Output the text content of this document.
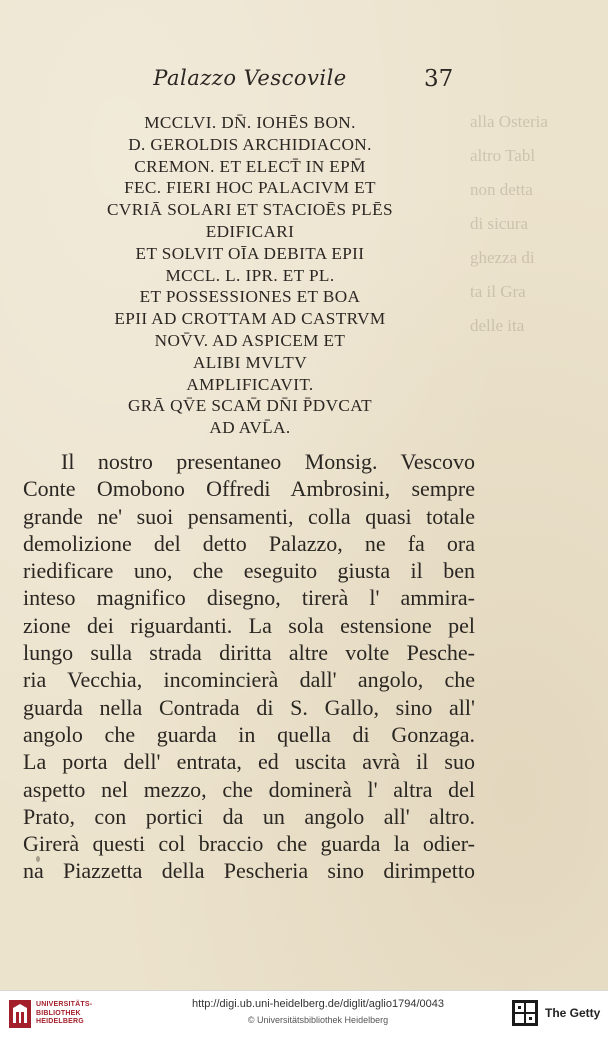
alla Osteria
altro Tabl
non detta
di sicura
ghezza di
ta il Gra
delle ita
Palazzo Vescovile	37
MCCLVI. DN̄. IOHĒS BON.
D. GEROLDIS ARCHIDIACON.
CREMON. ET ELECT̄ IN EPM̄
FEC. FIERI HOC PALACIVM ET
CVRIĀ SOLARI ET STACIOĒS PLĒS
EDIFICARI
ET SOLVIT OĪA DEBITA EPII
MCCL. L. IPR. ET PL.
ET POSSESSIONES ET BOA
EPII AD CROTTAM AD CASTRVM
NOV̄V. AD ASPICEM ET
ALIBI MVLTV
AMPLIFICAVIT.
GRĀ QV̄E SCAM̄ DN̄I P̄DVCAT
AD AVL̄A.
Il nostro presentaneo Monsig. Vescovo
Conte Omobono Offredi Ambrosini, sempre
grande ne' suoi pensamenti, colla quasi totale
demolizione del detto Palazzo, ne fa ora
riedificare uno, che eseguito giusta il ben
inteso magnifico disegno, tirerà l' ammira-
zione dei riguardanti. La sola estensione pel
lungo sulla strada diritta altre volte Pesche-
ria Vecchia, incomincierà dall' angolo, che
guarda nella Contrada di S. Gallo, sino all'
angolo che guarda in quella di Gonzaga.
La porta dell' entrata, ed uscita avrà il suo
aspetto nel mezzo, che dominerà l' altra del
Prato, con portici da un angolo all' altro.
Girerà questi col braccio che guarda la odier-
na Piazzetta della Pescheria sino dirimpetto
UNIVERSITÄTS-
BIBLIOTHEK
HEIDELBERG
http://digi.ub.uni-heidelberg.de/diglit/aglio1794/0043
© Universitätsbibliothek Heidelberg	The Getty
